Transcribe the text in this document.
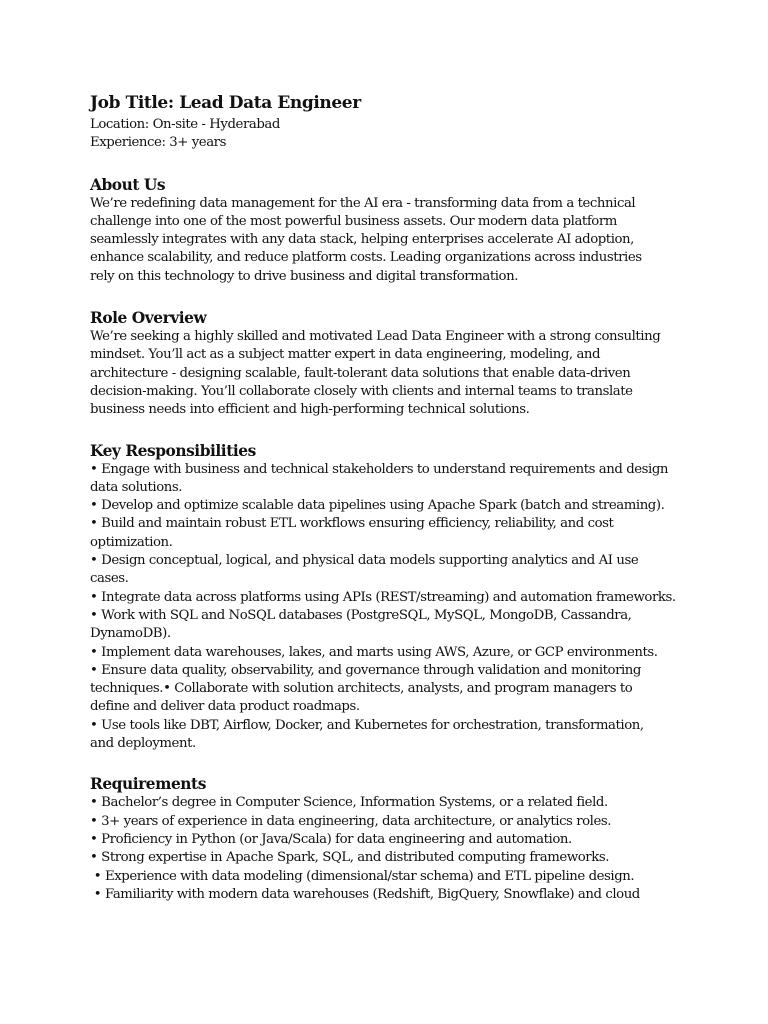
Job Title: Lead Data Engineer

Location: On-site - Hyderabad

Experience: 3+ years

About Us

We’re redefining data management for the AI era - transforming data from a technical

challenge into one of the most powerful business assets. Our modern data platform

seamlessly integrates with any data stack, helping enterprises accelerate AI adoption,

enhance scalability, and reduce platform costs. Leading organizations across industries

rely on this technology to drive business and digital transformation.

Role Overview

We’re seeking a highly skilled and motivated Lead Data Engineer with a strong consulting

mindset. You’ll act as a subject matter expert in data engineering, modeling, and

architecture - designing scalable, fault-tolerant data solutions that enable data-driven

decision-making. You’ll collaborate closely with clients and internal teams to translate

business needs into efficient and high-performing technical solutions.

Key Responsibilities

• Engage with business and technical stakeholders to understand requirements and design

data solutions.

• Develop and optimize scalable data pipelines using Apache Spark (batch and streaming).

• Build and maintain robust ETL workflows ensuring efficiency, reliability, and cost

optimization.

• Design conceptual, logical, and physical data models supporting analytics and AI use

cases.

• Integrate data across platforms using APIs (REST/streaming) and automation frameworks.

• Work with SQL and NoSQL databases (PostgreSQL, MySQL, MongoDB, Cassandra,

DynamoDB).

• Implement data warehouses, lakes, and marts using AWS, Azure, or GCP environments.

• Ensure data quality, observability, and governance through validation and monitoring

techniques.• Collaborate with solution architects, analysts, and program managers to

define and deliver data product roadmaps.

• Use tools like DBT, Airflow, Docker, and Kubernetes for orchestration, transformation,

and deployment.

Requirements

• Bachelor’s degree in Computer Science, Information Systems, or a related field.

• 3+ years of experience in data engineering, data architecture, or analytics roles.

• Proficiency in Python (or Java/Scala) for data engineering and automation.

• Strong expertise in Apache Spark, SQL, and distributed computing frameworks.

• Experience with data modeling (dimensional/star schema) and ETL pipeline design.

• Familiarity with modern data warehouses (Redshift, BigQuery, Snowflake) and cloud
